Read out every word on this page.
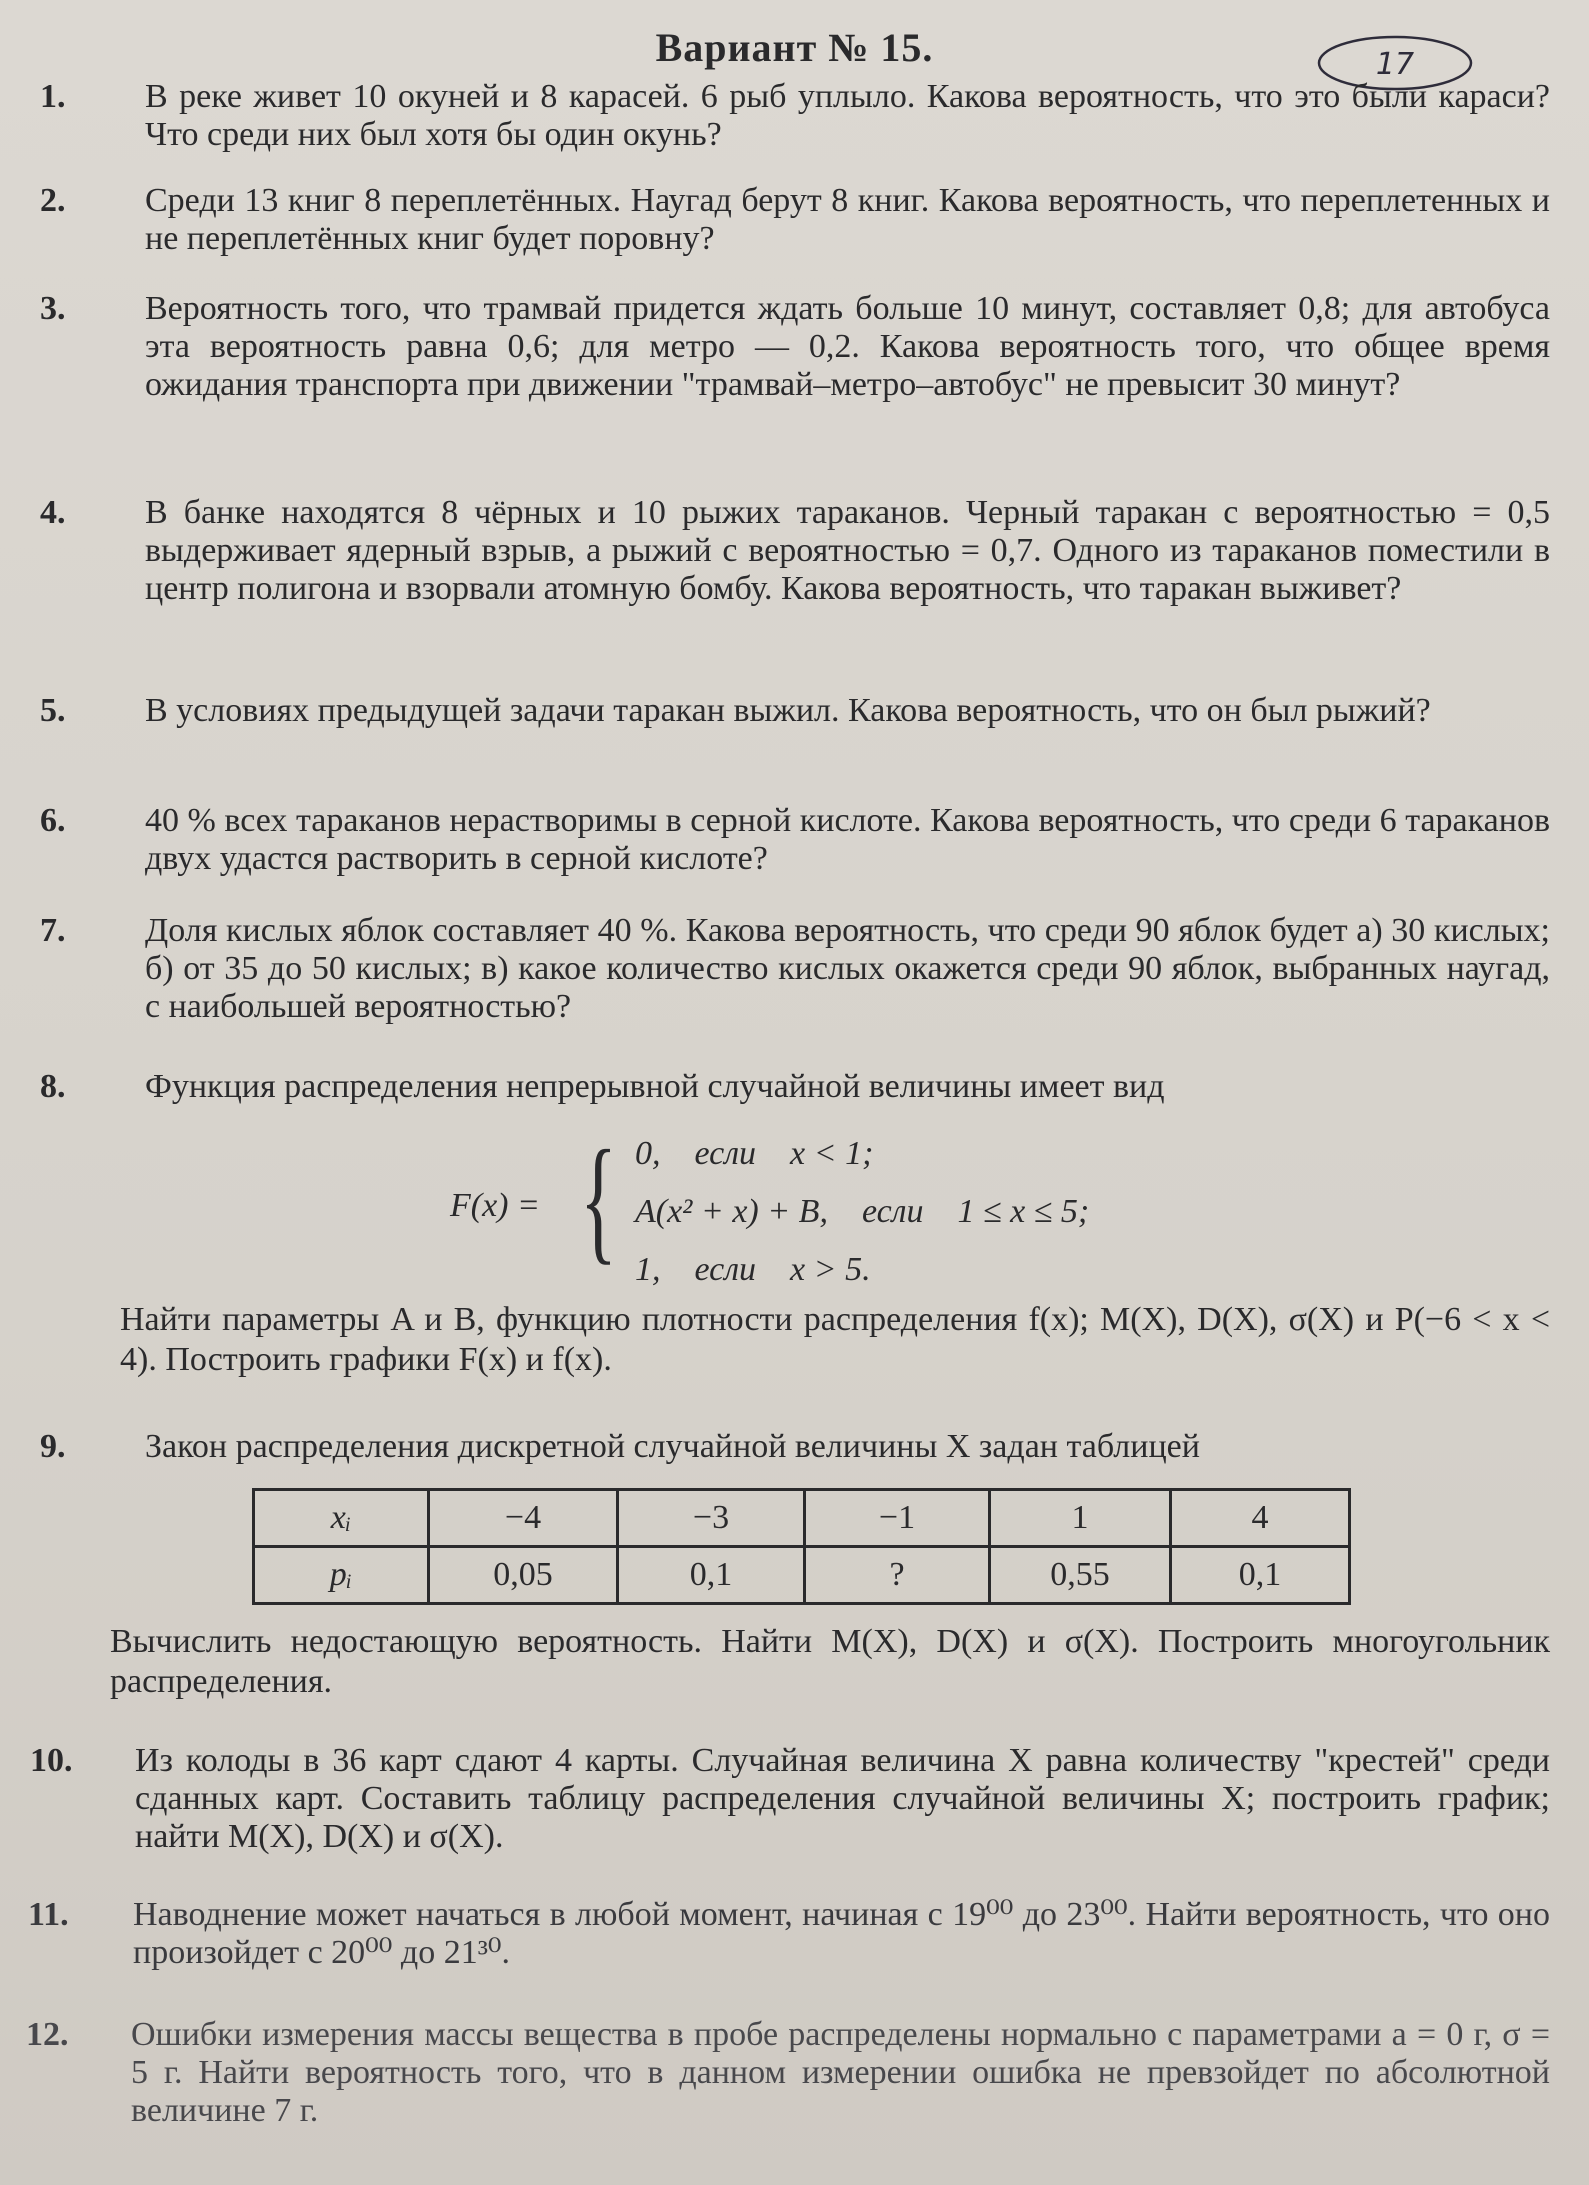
Вариант № 15.	17
1.	В реке живет 10 окуней и 8 карасей. 6 рыб уплыло. Какова вероятность, что это были караси? Что среди них был хотя бы один окунь?
2.	Среди 13 книг 8 переплетённых. Наугад берут 8 книг. Какова вероятность, что переплетенных и не переплетённых книг будет поровну?
3.	Вероятность того, что трамвай придется ждать больше 10 минут, составляет 0,8; для автобуса эта вероятность равна 0,6; для метро — 0,2. Какова вероятность того, что общее время ожидания транспорта при движении "трамвай–метро–автобус" не превысит 30 минут?
4.	В банке находятся 8 чёрных и 10 рыжих тараканов. Черный таракан с вероятностью = 0,5 выдерживает ядерный взрыв, а рыжий с вероятностью = 0,7. Одного из тараканов поместили в центр полигона и взорвали атомную бомбу. Какова вероятность, что таракан выживет?
5.	В условиях предыдущей задачи таракан выжил. Какова вероятность, что он был рыжий?
6.	40 % всех тараканов нерастворимы в серной кислоте. Какова вероятность, что среди 6 тараканов двух удастся растворить в серной кислоте?
7.	Доля кислых яблок составляет 40 %. Какова вероятность, что среди 90 яблок будет а) 30 кислых; б) от 35 до 50 кислых; в) какое количество кислых окажется среди 90 яблок, выбранных наугад, с наибольшей вероятностью?
8.	Функция распределения непрерывной случайной величины имеет вид
F(x) = { 0,    если    x < 1;
A(x² + x) + B,    если    1 ≤ x ≤ 5;
1,    если    x > 5.
Найти параметры A и B, функцию плотности распределения f(x); M(X), D(X), σ(X) и P(−6 < x < 4). Построить графики F(x) и f(x).
9.	Закон распределения дискретной случайной величины X задан таблицей
xᵢ	−4	−3	−1	1	4
pᵢ	0,05	0,1	?	0,55	0,1
Вычислить недостающую вероятность. Найти M(X), D(X) и σ(X). Построить многоугольник распределения.
10.	Из колоды в 36 карт сдают 4 карты. Случайная величина X равна количеству "крестей" среди сданных карт. Составить таблицу распределения случайной величины X; построить график; найти M(X), D(X) и σ(X).
11.	Наводнение может начаться в любой момент, начиная с 19⁰⁰ до 23⁰⁰. Найти вероятность, что оно произойдет с 20⁰⁰ до 21³⁰.
12.	Ошибки измерения массы вещества в пробе распределены нормально с параметрами a = 0 г, σ = 5 г. Найти вероятность того, что в данном измерении ошибка не превзойдет по абсолютной величине 7 г.
